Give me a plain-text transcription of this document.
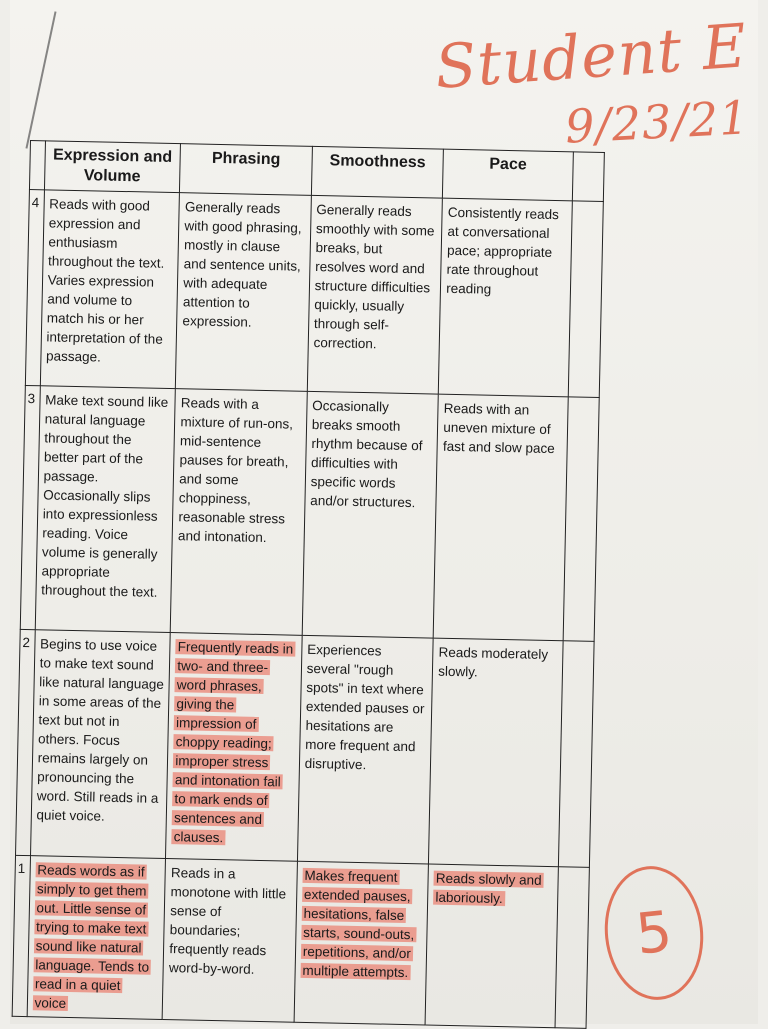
Student E
9/23/21
	Expression and Volume	Phrasing	Smoothness	Pace	
4	Reads with good expression and enthusiasm throughout the text. Varies expression and volume to match his or her interpretation of the passage.	Generally reads with good phrasing, mostly in clause and sentence units, with adequate attention to expression.	Generally reads smoothly with some breaks, but resolves word and structure difficulties quickly, usually through self-correction.	Consistently reads at conversational pace; appropriate rate throughout reading	
3	Make text sound like natural language throughout the better part of the passage. Occasionally slips into expressionless reading. Voice volume is generally appropriate throughout the text.	Reads with a mixture of run-ons, mid-sentence pauses for breath, and some choppiness, reasonable stress and intonation.	Occasionally breaks smooth rhythm because of difficulties with specific words and/or structures.	Reads with an uneven mixture of fast and slow pace	
2	Begins to use voice to make text sound like natural language in some areas of the text but not in others. Focus remains largely on pronouncing the word. Still reads in a quiet voice.	Frequently reads in two- and three-word phrases, giving the impression of choppy reading; improper stress and intonation fail to mark ends of sentences and clauses.	Experiences several "rough spots" in text where extended pauses or hesitations are more frequent and disruptive.	Reads moderately slowly.	
1	Reads words as if simply to get them out. Little sense of trying to make text sound like natural language. Tends to read in a quiet voice	Reads in a monotone with little sense of boundaries; frequently reads word-by-word.	Makes frequent extended pauses, hesitations, false starts, sound-outs, repetitions, and/or multiple attempts.	Reads slowly and laboriously.	
5
